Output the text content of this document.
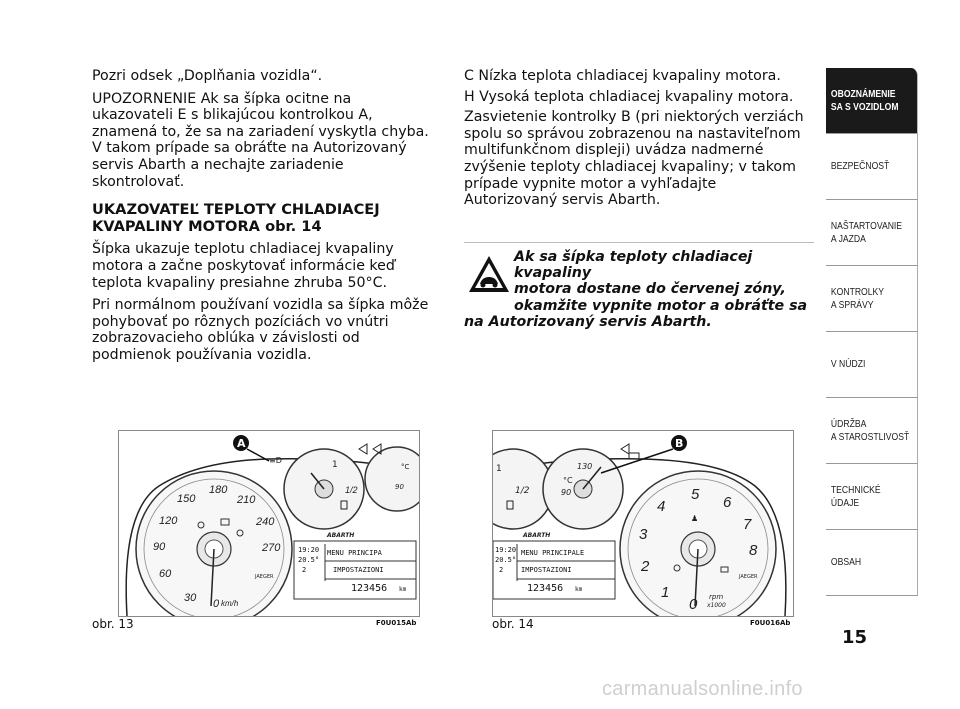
Pozri odsek „Doplňania vozidla“.

UPOZORNENIE Ak sa šípka ocitne na ukazovateli E s blikajúcou kontrolkou A, znamená to, že sa na zariadení vyskytla chyba. V takom prípade sa obráťte na Autorizovaný servis Abarth a nechajte zariadenie skontrolovať.

UKAZOVATEĽ TEPLOTY CHLADIACEJ KVAPALINY MOTORA obr. 14

Šípka ukazuje teplotu chladiacej kvapaliny motora a začne poskytovať informácie keď teplota kvapaliny presiahne zhruba 50°C.

Pri normálnom používaní vozidla sa šípka môže pohybovať po rôznych pozíciách vo vnútri zobrazovacieho oblúka v závislosti od podmienok používania vozidla.

C Nízka teplota chladiacej kvapaliny motora.

H Vysoká teplota chladiacej kvapaliny motora.

Zasvietenie kontrolky B (pri niektorých verziách spolu so správou zobrazenou na nastaviteľnom multifunkčnom displeji) uvádza nadmerné zvýšenie teploty chladiacej kvapaliny; v takom prípade vypnite motor a vyhľadajte Autorizovaný servis Abarth.

Ak sa šípka teploty chladiacej kvapaliny
motora dostane do červenej zóny,
okamžite vypnite motor a obráťte sa
na Autorizovaný servis Abarth.
30
60
90
120
150
180
210
240
270
0 km/h
JAEGER
1/2
1
90
°C
≡D
A
ABARTH
19:20
20.5°
2
MENU PRINCIPA
IMPOSTAZIONI
123456 km
obr. 13	F0U015Ab
1/2
1
°C
90
130
0
1
2
3
4
5 6
7
8
rpm
x1000
JAEGER
♟
B
ABARTH
19:20
20.5°
2
MENU PRINCIPALE
IMPOSTAZIONI
123456 km
obr. 14	F0U016Ab
OBOZNÁMENIE
SA S VOZIDLOM
BEZPEČNOSŤ
NAŠTARTOVANIE
A JAZDA
KONTROLKY
A SPRÁVY
V NÚDZI
ÚDRŽBA
A STAROSTLIVOSŤ
TECHNICKÉ
ÚDAJE
OBSAH
15
carmanualsonline.info
